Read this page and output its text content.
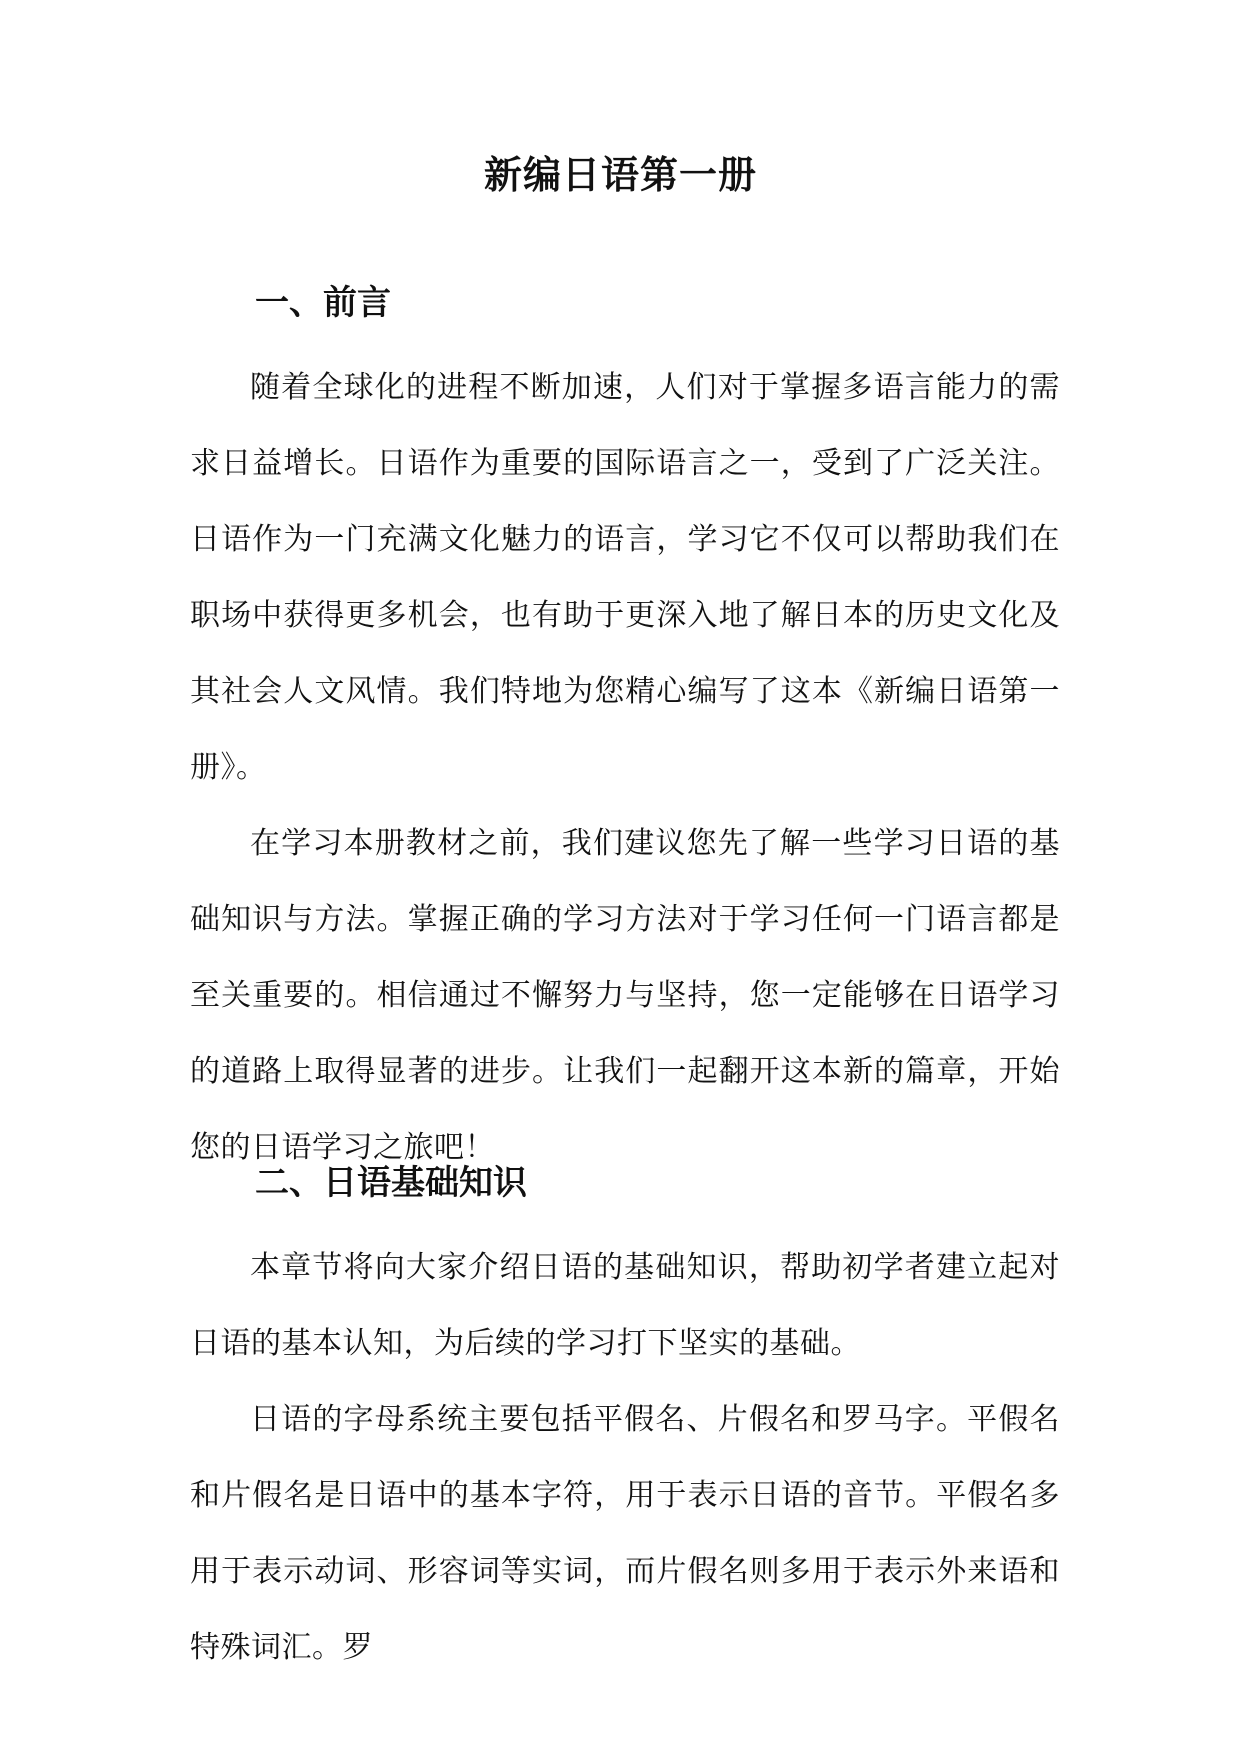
新编日语第一册
一、前言

随着全球化的进程不断加速，人们对于掌握多语言能力的需求日益增长。日语作为重要的国际语言之一，受到了广泛关注。日语作为一门充满文化魅力的语言，学习它不仅可以帮助我们在职场中获得更多机会，也有助于更深入地了解日本的历史文化及其社会人文风情。我们特地为您精心编写了这本《新编日语第一册》。

在学习本册教材之前，我们建议您先了解一些学习日语的基础知识与方法。掌握正确的学习方法对于学习任何一门语言都是至关重要的。相信通过不懈努力与坚持，您一定能够在日语学习的道路上取得显著的进步。让我们一起翻开这本新的篇章，开始您的日语学习之旅吧！

二、日语基础知识

本章节将向大家介绍日语的基础知识，帮助初学者建立起对日语的基本认知，为后续的学习打下坚实的基础。

日语的字母系统主要包括平假名、片假名和罗马字。平假名和片假名是日语中的基本字符，用于表示日语的音节。平假名多用于表示动词、形容词等实词，而片假名则多用于表示外来语和特殊词汇。罗
